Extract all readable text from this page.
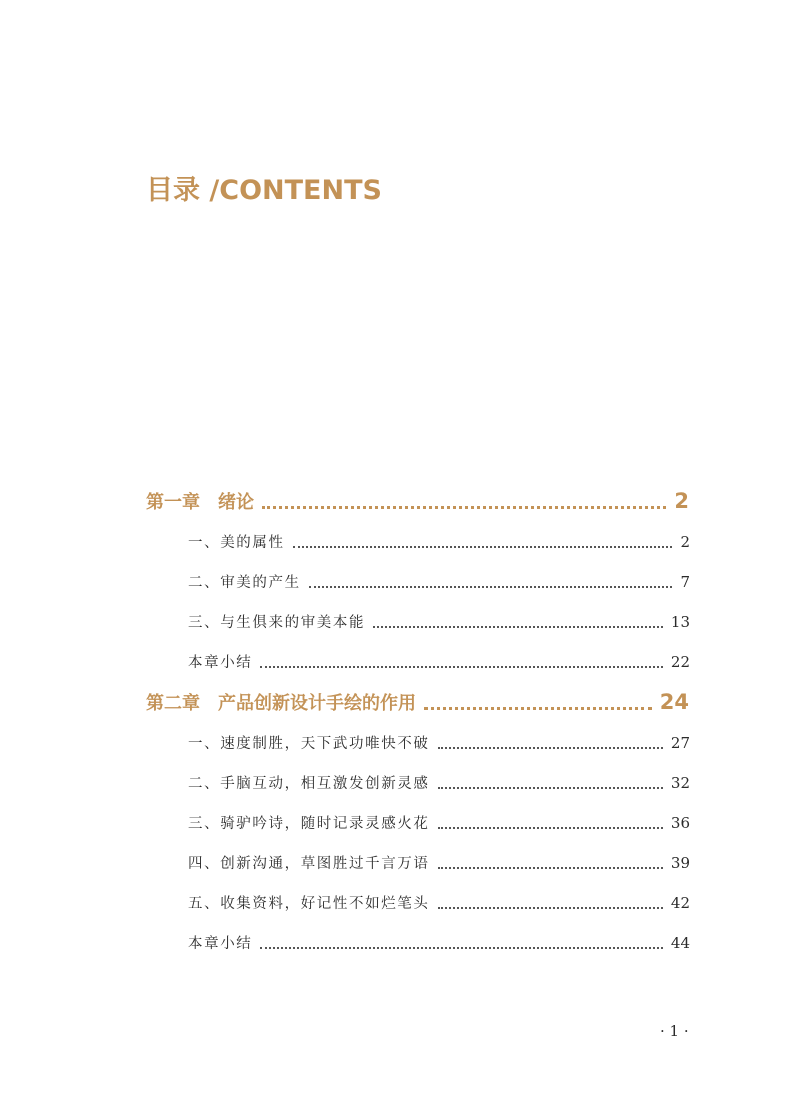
目录 /CONTENTS
第一章　绪论	2
一、美的属性	2
二、审美的产生	7
三、与生俱来的审美本能	13
本章小结	22
第二章　产品创新设计手绘的作用	24
一、速度制胜，天下武功唯快不破	27
二、手脑互动，相互激发创新灵感	32
三、骑驴吟诗，随时记录灵感火花	36
四、创新沟通，草图胜过千言万语	39
五、收集资料，好记性不如烂笔头	42
本章小结	44
· 1 ·
